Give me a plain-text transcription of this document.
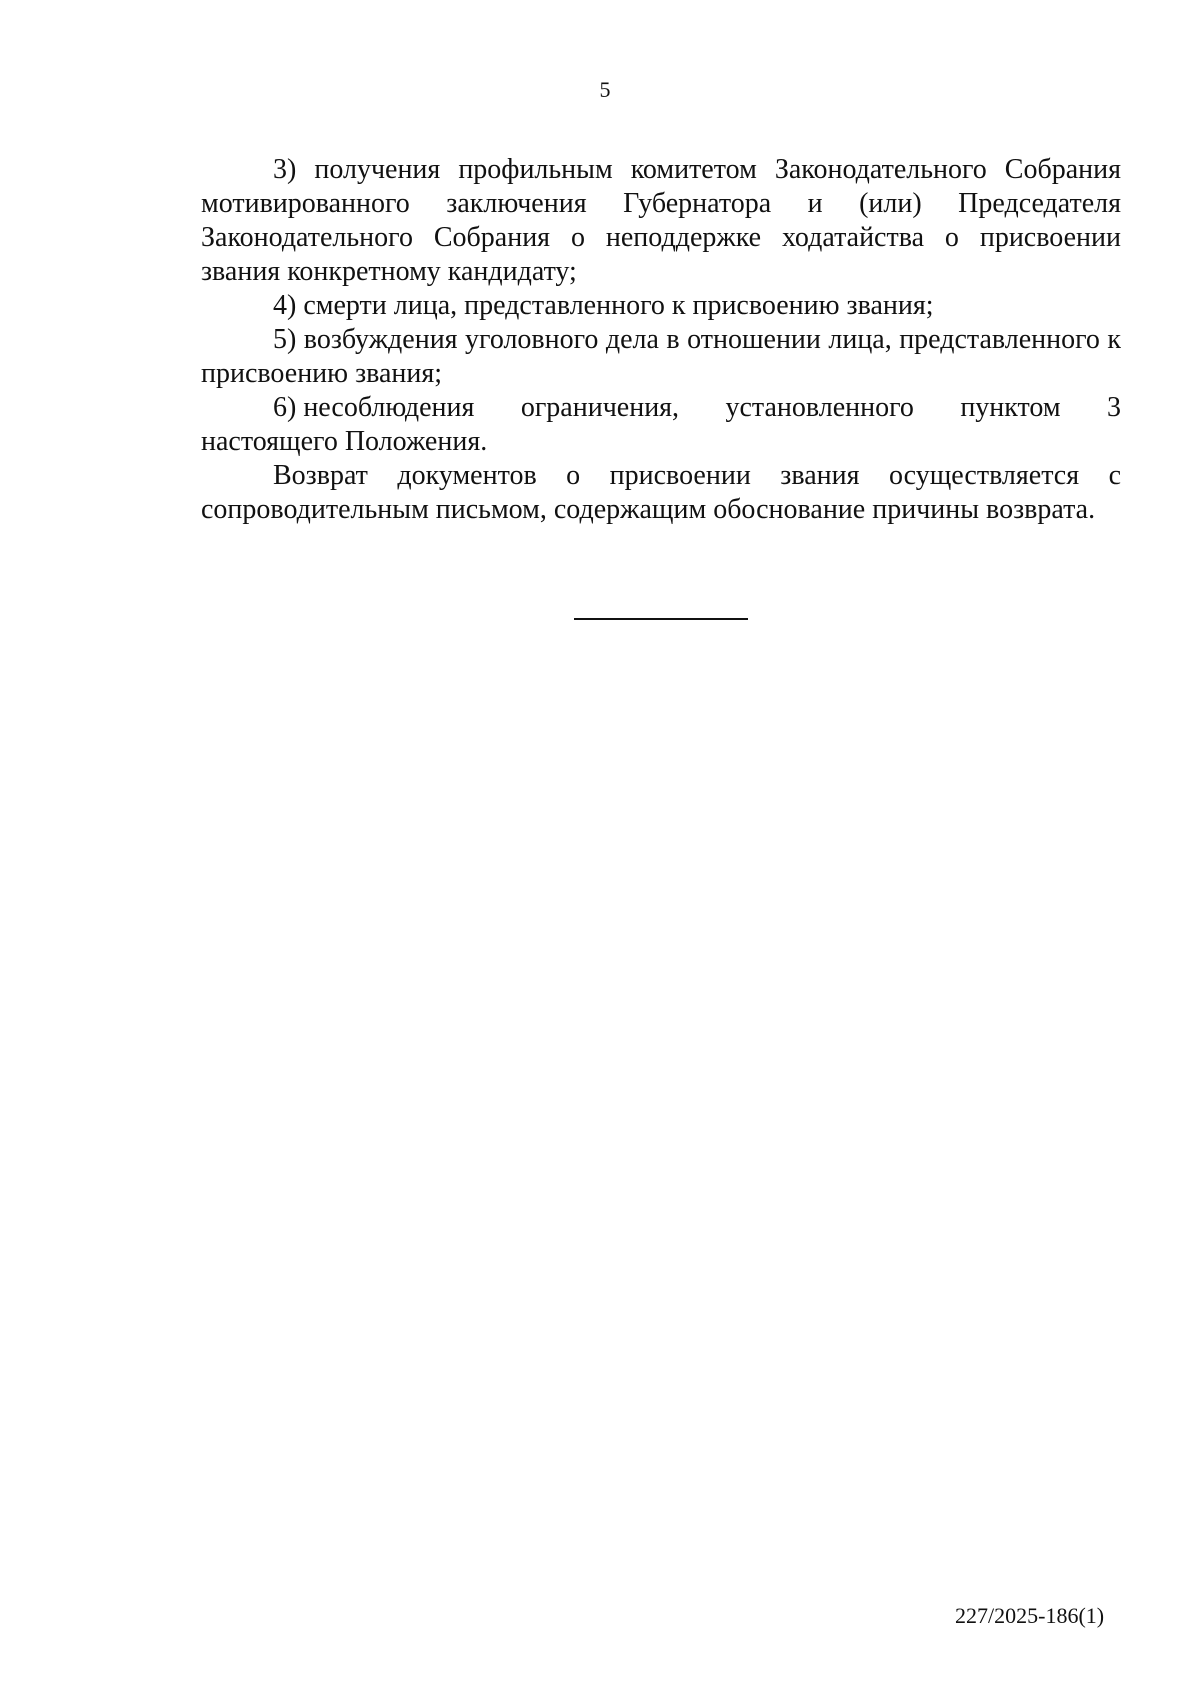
5

3) получения профильным комитетом Законодательного Собрания мотивированного заключения Губернатора и (или) Председателя Законодательного Собрания о неподдержке ходатайства о присвоении звания конкретному кандидату;

4) смерти лица, представленного к присвоению звания;

5) возбуждения уголовного дела в отношении лица, представленного к присвоению звания;

6) несоблюдения ограничения, установленного пунктом 3

настоящего Положения.

Возврат документов о присвоении звания осуществляется с сопроводительным письмом, содержащим обоснование причины возврата.

227/2025-186(1)
